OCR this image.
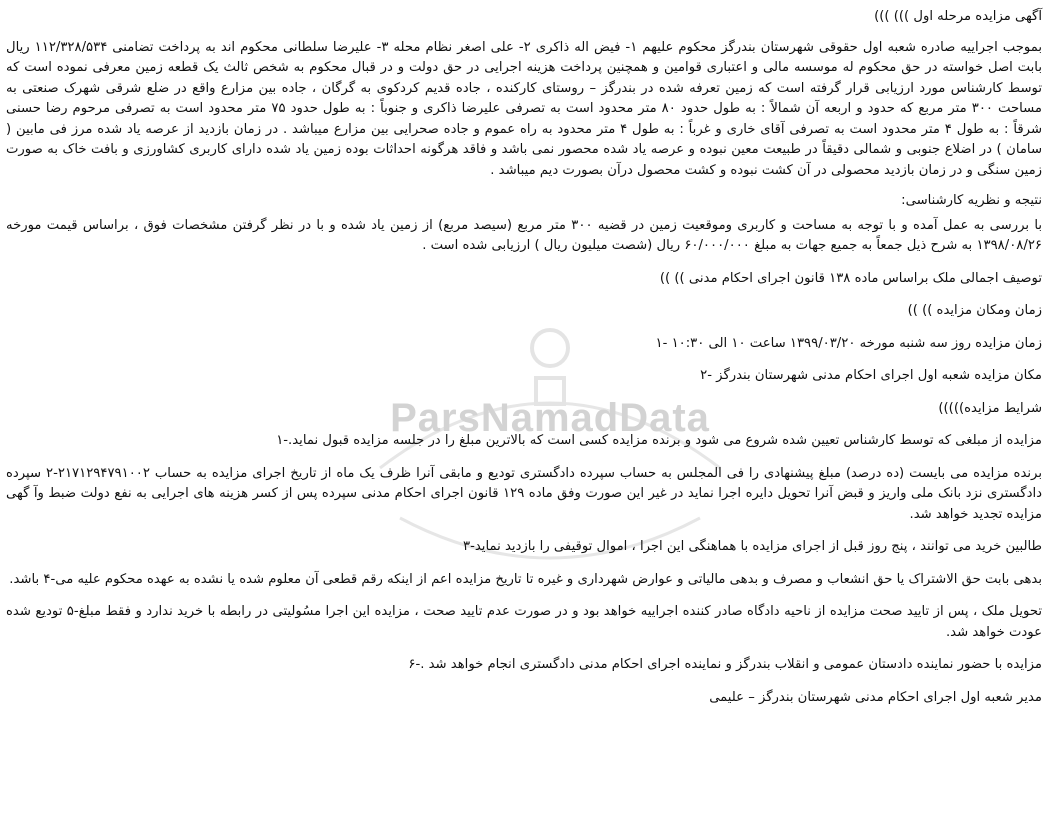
ParsNamadData

آگهی مزایده مرحله اول ))) )))

بموجب اجراییه صادره شعبه اول حقوقی شهرستان بندرگز محکوم علیهم ۱- فیض اله ذاکری ۲- علی اصغر نظام محله ۳- علیرضا سلطانی محکوم اند به پرداخت تضامنی ۱۱۲/۳۲۸/۵۳۴ ریال بابت اصل خواسته در حق محکوم له موسسه مالی و اعتباری قوامین و همچنین پرداخت هزینه اجرایی در حق دولت و در قبال محکوم به شخص ثالث یک قطعه زمین معرفی نموده است که توسط کارشناس مورد ارزیابی قرار گرفته است که زمین تعرفه شده در بندرگز – روستای کارکنده ، جاده قدیم کردکوی به گرگان ، جاده بین مزارع واقع در ضلع شرقی شهرک صنعتی به مساحت ۳۰۰ متر مربع که حدود و اربعه آن شمالاً : به طول حدود ۸۰ متر محدود است به تصرفی علیرضا ذاکری و جنوباً : به طول حدود ۷۵ متر محدود است به تصرفی مرحوم رضا حسنی شرقاً : به طول ۴ متر محدود است به تصرفی آقای خاری و غرباً : به طول ۴ متر محدود به راه عموم و جاده صحرایی بین مزارع میباشد . در زمان بازدید از عرصه یاد شده مرز فی مابین ( سامان ) در اضلاع جنوبی و شمالی دقیقاً در طبیعت معین نبوده و عرصه یاد شده محصور نمی باشد و فاقد هرگونه احداثات بوده زمین یاد شده دارای کاربری کشاورزی و بافت خاک به صورت زمین سنگی و در زمان بازدید محصولی در آن کشت نبوده و کشت محصول درآن بصورت دیم میباشد .

نتیجه و نظریه کارشناسی:

با بررسی به عمل آمده و با توجه به مساحت و کاربری وموقعیت زمین در قضیه ۳۰۰ متر مربع (سیصد مربع) از زمین یاد شده و با در نظر گرفتن مشخصات فوق ، براساس قیمت مورخه ۱۳۹۸/۰۸/۲۶ به شرح ذیل جمعاً به جمیع جهات به مبلغ ۶۰/۰۰۰/۰۰۰ ریال (شصت میلیون ریال ) ارزیابی شده است .

توصیف اجمالی ملک براساس ماده ۱۳۸ قانون اجرای احکام مدنی )) ))

زمان ومکان مزایده )) ))

زمان مزایده روز سه شنبه مورخه ۱۳۹۹/۰۳/۲۰ ساعت ۱۰ الی ۱۰:۳۰ -۱

مکان مزایده شعبه اول اجرای احکام مدنی شهرستان بندرگز -۲

شرایط مزایده)))))

مزایده از مبلغی که توسط کارشناس تعیین شده شروع می شود و برنده مزایده کسی است که بالاترین مبلغ را در جلسه مزایده قبول نماید.-۱

برنده مزایده می بایست (ده درصد) مبلغ پیشنهادی را فی المجلس به حساب سپرده دادگستری تودیع و مابقی آنرا ظرف یک ماه از تاریخ اجرای مزایده به حساب ۲۱۷۱۲۹۴۷۹۱۰۰۲-۲ سپرده دادگستری نزد بانک ملی واریز و قبض آنرا تحویل دایره اجرا نماید در غیر این صورت وفق ماده ۱۲۹ قانون اجرای احکام مدنی سپرده پس از کسر هزینه های اجرایی به نفع دولت ضبط وآ گهی مزایده تجدید خواهد شد.

طالبین خرید می توانند ، پنج روز قبل از اجرای مزایده با هماهنگی این اجرا ، اموال توقیفی را بازدید نماید-۳

بدهی بابت حق الاشتراک یا حق انشعاب و مصرف و بدهی مالیاتی و عوارض شهرداری و غیره تا تاریخ مزایده اعم از اینکه رقم قطعی آن معلوم شده یا نشده به عهده محکوم علیه می-۴ باشد.

تحویل ملک ، پس از تایید صحت مزایده از ناحیه دادگاه صادر کننده اجراییه خواهد بود و در صورت عدم تایید صحت ، مزایده این اجرا مسُولیتی در رابطه با خرید ندارد و فقط مبلغ-۵ تودیع شده عودت خواهد شد.

مزایده با حضور نماینده دادستان عمومی و انقلاب بندرگز و نماینده اجرای احکام مدنی دادگستری انجام خواهد شد .-۶

مدیر شعبه اول اجرای احکام مدنی شهرستان بندرگز – علیمی
